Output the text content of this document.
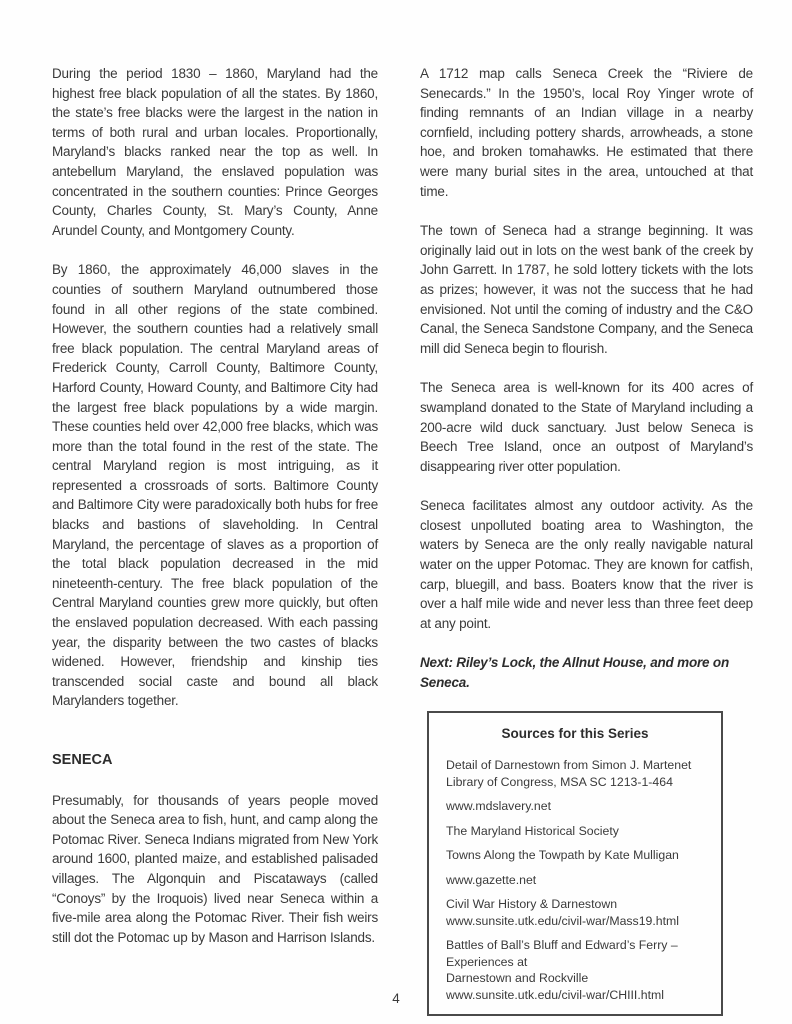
During the period 1830 – 1860, Maryland had the highest free black population of all the states. By 1860, the state’s free blacks were the largest in the nation in terms of both rural and urban locales. Proportionally, Maryland’s blacks ranked near the top as well. In antebellum Maryland, the enslaved population was concentrated in the southern counties: Prince Georges County, Charles County, St. Mary’s County, Anne Arundel County, and Montgomery County.

By 1860, the approximately 46,000 slaves in the counties of southern Maryland outnumbered those found in all other regions of the state combined. However, the southern counties had a relatively small free black population. The central Maryland areas of Frederick County, Carroll County, Baltimore County, Harford County, Howard County, and Baltimore City had the largest free black populations by a wide margin. These counties held over 42,000 free blacks, which was more than the total found in the rest of the state. The central Maryland region is most intriguing, as it represented a crossroads of sorts. Baltimore County and Baltimore City were paradoxically both hubs for free blacks and bastions of slaveholding. In Central Maryland, the percentage of slaves as a proportion of the total black population decreased in the mid nineteenth-century. The free black population of the Central Maryland counties grew more quickly, but often the enslaved population decreased. With each passing year, the disparity between the two castes of blacks widened. However, friendship and kinship ties transcended social caste and bound all black Marylanders together.

SENECA

Presumably, for thousands of years people moved about the Seneca area to fish, hunt, and camp along the Potomac River. Seneca Indians migrated from New York around 1600, planted maize, and established palisaded villages. The Algonquin and Piscataways (called “Conoys” by the Iroquois) lived near Seneca within a five-mile area along the Potomac River. Their fish weirs still dot the Potomac up by Mason and Harrison Islands.

A 1712 map calls Seneca Creek the “Riviere de Senecards.” In the 1950’s, local Roy Yinger wrote of finding remnants of an Indian village in a nearby cornfield, including pottery shards, arrowheads, a stone hoe, and broken tomahawks. He estimated that there were many burial sites in the area, untouched at that time.

The town of Seneca had a strange beginning. It was originally laid out in lots on the west bank of the creek by John Garrett. In 1787, he sold lottery tickets with the lots as prizes; however, it was not the success that he had envisioned. Not until the coming of industry and the C&O Canal, the Seneca Sandstone Company, and the Seneca mill did Seneca begin to flourish.

The Seneca area is well-known for its 400 acres of swampland donated to the State of Maryland including a 200-acre wild duck sanctuary. Just below Seneca is Beech Tree Island, once an outpost of Maryland’s disappearing river otter population.

Seneca facilitates almost any outdoor activity. As the closest unpolluted boating area to Washington, the waters by Seneca are the only really navigable natural water on the upper Potomac. They are known for catfish, carp, bluegill, and bass. Boaters know that the river is over a half mile wide and never less than three feet deep at any point.

Next: Riley’s Lock, the Allnut House, and more on Seneca.
Sources for this Series
Detail of Darnestown from Simon J. Martenet
Library of Congress, MSA SC 1213-1-464
www.mdslavery.net
The Maryland Historical Society
Towns Along the Towpath by Kate Mulligan
www.gazette.net
Civil War History & Darnestown
www.sunsite.utk.edu/civil-war/Mass19.html
Battles of Ball’s Bluff and Edward’s Ferry – Experiences at
Darnestown and Rockville
www.sunsite.utk.edu/civil-war/CHIII.html
4
